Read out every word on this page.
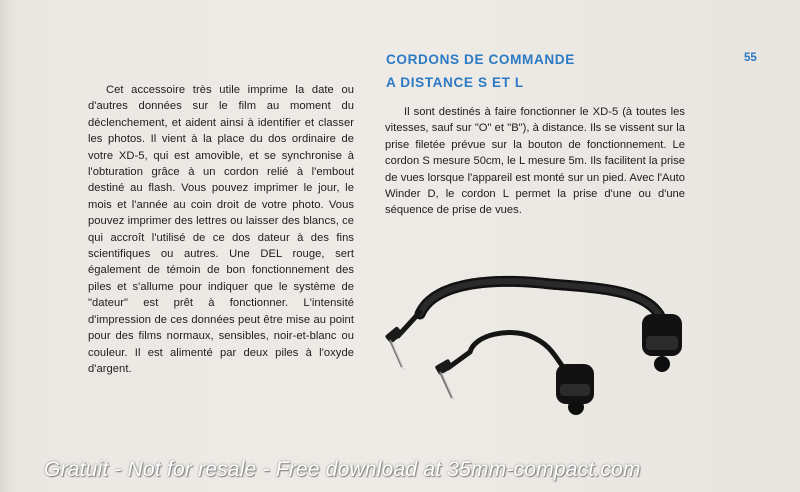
Cet accessoire très utile imprime la date ou d'autres données sur le film au moment du déclenchement, et aident ainsi à identifier et classer les photos. Il vient à la place du dos ordinaire de votre XD-5, qui est amovible, et se synchronise à l'obturation grâce à un cordon relié à l'embout destiné au flash. Vous pouvez imprimer le jour, le mois et l'année au coin droit de votre photo. Vous pouvez imprimer des lettres ou laisser des blancs, ce qui accroît l'utilisé de ce dos dateur à des fins scientifiques ou autres. Une DEL rouge, sert également de témoin de bon fonctionnement des piles et s'allume pour indiquer que le système de "dateur" est prêt à fonctionner. L'intensité d'impression de ces données peut être mise au point pour des films normaux, sensibles, noir-et-blanc ou couleur. Il est alimenté par deux piles à l'oxyde d'argent.
CORDONS DE COMMANDE
A DISTANCE S ET L
55
Il sont destinés à faire fonctionner le XD-5 (à toutes les vitesses, sauf sur "O" et "B"), à distance. Ils se vissent sur la prise filetée prévue sur la bouton de fonctionnement. Le cordon S mesure 50cm, le L mesure 5m. Ils facilitent la prise de vues lorsque l'appareil est monté sur un pied. Avec l'Auto Winder D, le cordon L permet la prise d'une ou d'une séquence de prise de vues.
Gratuit - Not for resale - Free download at 35mm-compact.com
